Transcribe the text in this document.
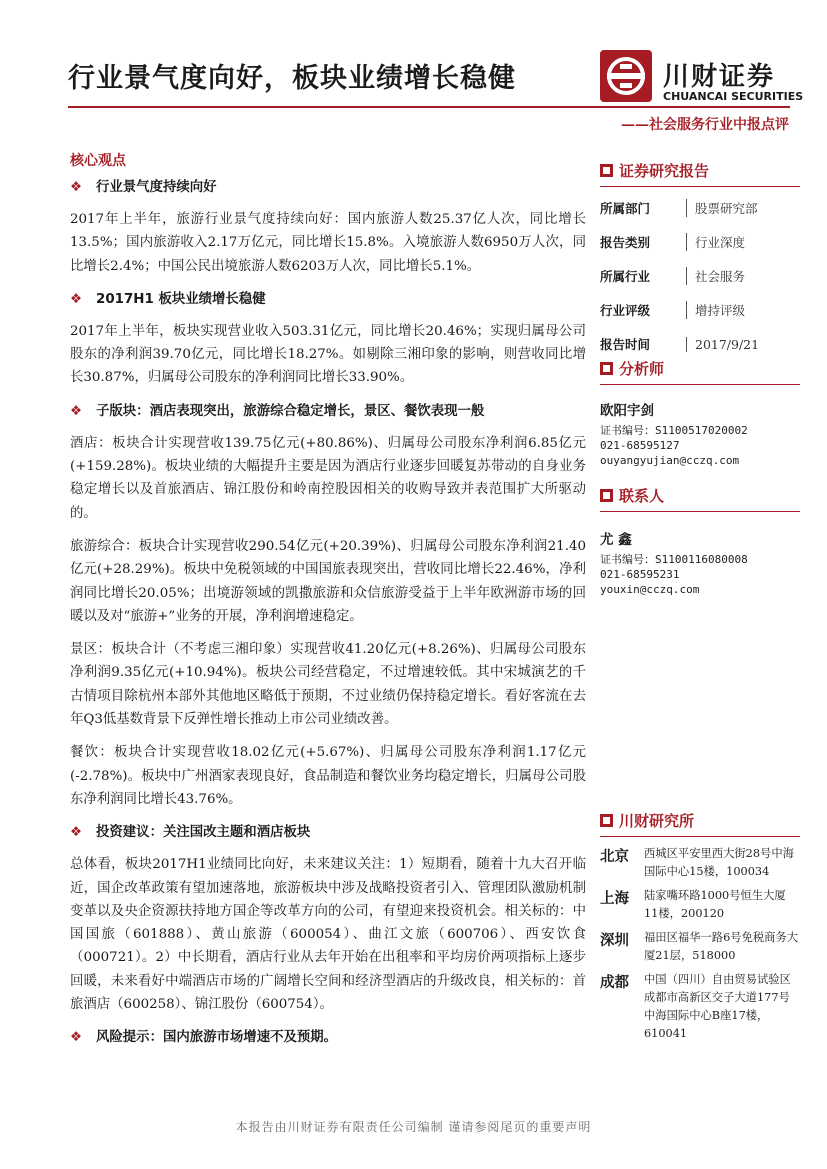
行业景气度向好，板块业绩增长稳健	川财证券
CHUANCAI SECURITIES
——社会服务行业中报点评
核心观点
❖ 行业景气度持续向好
2017年上半年，旅游行业景气度持续向好：国内旅游人数25.37亿人次，同比增长13.5%；国内旅游收入2.17万亿元，同比增长15.8%。入境旅游人数6950万人次，同比增长2.4%；中国公民出境旅游人数6203万人次，同比增长5.1%。
❖ 2017H1 板块业绩增长稳健
2017年上半年，板块实现营业收入503.31亿元，同比增长20.46%；实现归属母公司股东的净利润39.70亿元，同比增长18.27%。如剔除三湘印象的影响，则营收同比增长30.87%，归属母公司股东的净利润同比增长33.90%。
❖ 子版块：酒店表现突出，旅游综合稳定增长，景区、餐饮表现一般
酒店：板块合计实现营收139.75亿元(+80.86%)、归属母公司股东净利润6.85亿元(+159.28%)。板块业绩的大幅提升主要是因为酒店行业逐步回暖复苏带动的自身业务稳定增长以及首旅酒店、锦江股份和岭南控股因相关的收购导致并表范围扩大所驱动的。
旅游综合：板块合计实现营收290.54亿元(+20.39%)、归属母公司股东净利润21.40亿元(+28.29%)。板块中免税领域的中国国旅表现突出，营收同比增长22.46%，净利润同比增长20.05%；出境游领域的凯撒旅游和众信旅游受益于上半年欧洲游市场的回暖以及对“旅游+”业务的开展，净利润增速稳定。
景区：板块合计（不考虑三湘印象）实现营收41.20亿元(+8.26%)、归属母公司股东净利润9.35亿元(+10.94%)。板块公司经营稳定，不过增速较低。其中宋城演艺的千古情项目除杭州本部外其他地区略低于预期，不过业绩仍保持稳定增长。看好客流在去年Q3低基数背景下反弹性增长推动上市公司业绩改善。
餐饮：板块合计实现营收18.02亿元(+5.67%)、归属母公司股东净利润1.17亿元(-2.78%)。板块中广州酒家表现良好，食品制造和餐饮业务均稳定增长，归属母公司股东净利润同比增长43.76%。
❖ 投资建议：关注国改主题和酒店板块
总体看，板块2017H1业绩同比向好，未来建议关注：1）短期看，随着十九大召开临近，国企改革政策有望加速落地，旅游板块中涉及战略投资者引入、管理团队激励机制变革以及央企资源扶持地方国企等改革方向的公司，有望迎来投资机会。相关标的：中国国旅（601888）、黄山旅游（600054）、曲江文旅（600706）、西安饮食（000721）。2）中长期看，酒店行业从去年开始在出租率和平均房价两项指标上逐步回暖，未来看好中端酒店市场的广阔增长空间和经济型酒店的升级改良，相关标的：首旅酒店（600258）、锦江股份（600754）。
❖ 风险提示：国内旅游市场增速不及预期。
证券研究报告
所属部门	股票研究部
报告类别	行业深度
所属行业	社会服务
行业评级	增持评级
报告时间	2017/9/21
分析师
欧阳宇剑
证书编号：S1100517020002
021-68595127
ouyangyujian@cczq.com
联系人
尤 鑫
证书编号：S1100116080008
021-68595231
youxin@cczq.com
川财研究所
北京	西城区平安里西大街28号中海国际中心15楼，100034
上海	陆家嘴环路1000号恒生大厦11楼，200120
深圳	福田区福华一路6号免税商务大厦21层，518000
成都	中国（四川）自由贸易试验区成都市高新区交子大道177号中海国际中心B座17楼，610041
本报告由川财证券有限责任公司编制 谨请参阅尾页的重要声明
